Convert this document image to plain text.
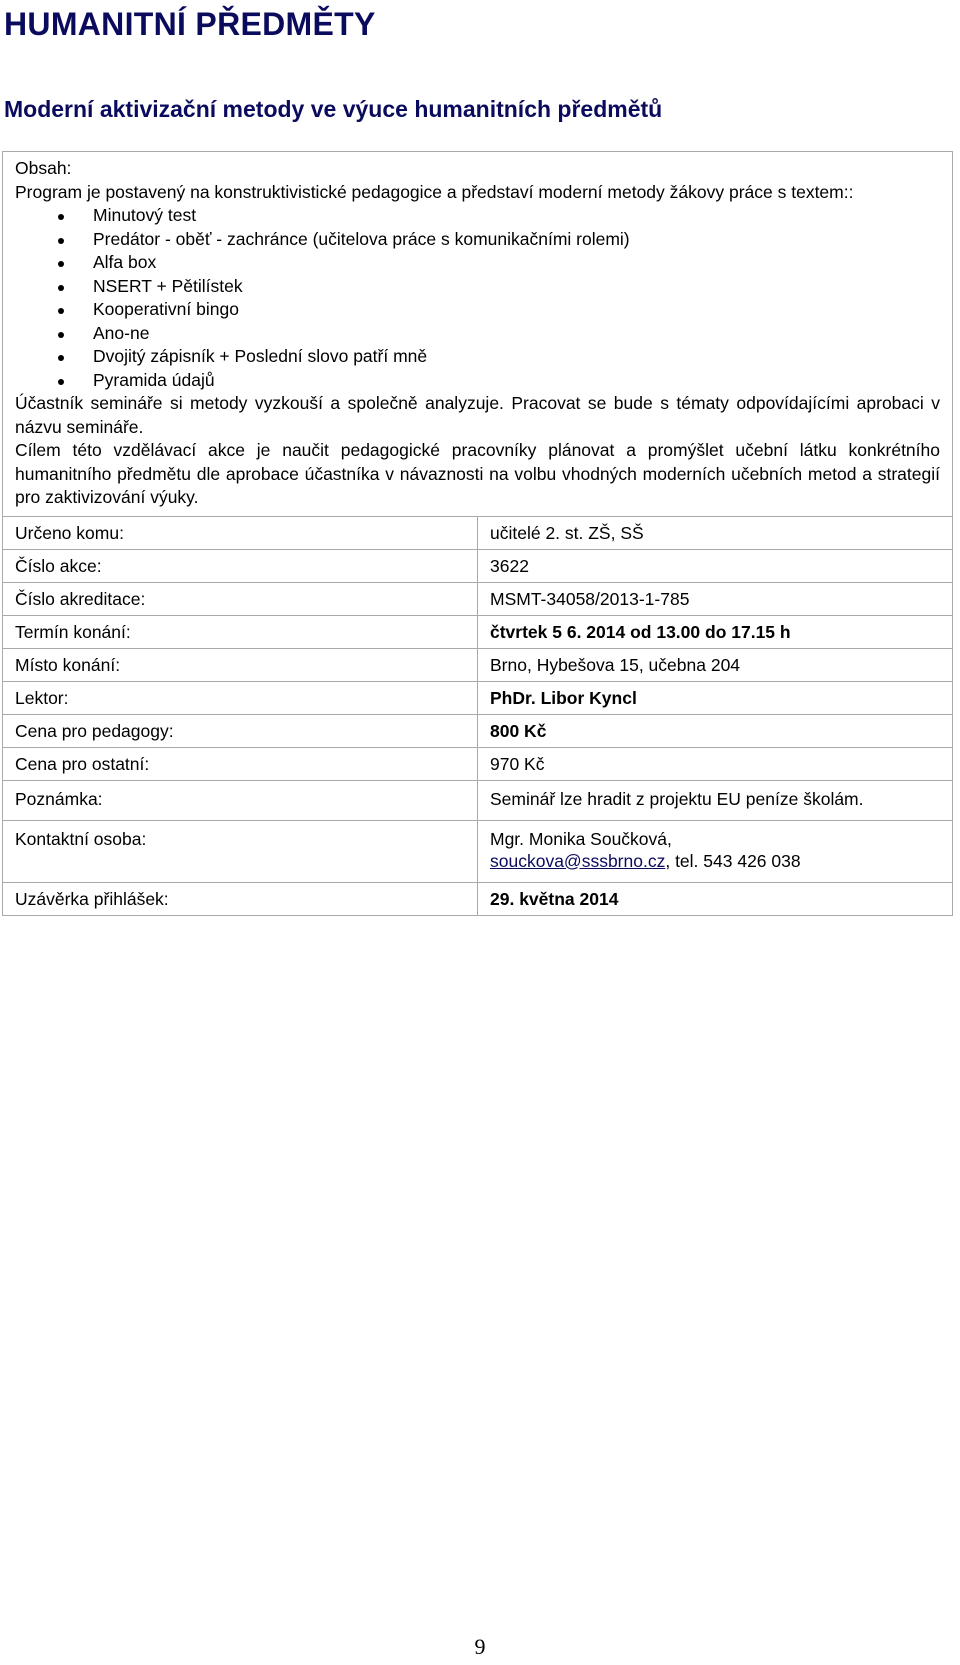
HUMANITNÍ PŘEDMĚTY
Moderní aktivizační metody ve výuce humanitních předmětů

Obsah:

Program je postavený na konstruktivistické pedagogice a představí moderní metody žákovy práce s textem::

Minutový test
Predátor - oběť - zachránce (učitelova práce s komunikačními rolemi)
Alfa box
NSERT + Pětilístek
Kooperativní bingo
Ano-ne
Dvojitý zápisník + Poslední slovo patří mně
Pyramida údajů

Účastník semináře si metody vyzkouší a společně analyzuje. Pracovat se bude s tématy odpovídajícími aprobaci v názvu semináře.

Cílem této vzdělávací akce je naučit pedagogické pracovníky plánovat a promýšlet učební látku konkrétního humanitního předmětu dle aprobace účastníka v návaznosti na volbu vhodných moderních učebních metod a strategií pro zaktivizování výuky.

Určeno komu:	učitelé 2. st. ZŠ, SŠ
Číslo akce:	3622
Číslo akreditace:	MSMT-34058/2013-1-785
Termín konání:	čtvrtek 5 6. 2014 od 13.00 do 17.15 h
Místo konání:	Brno, Hybešova 15, učebna 204
Lektor:	PhDr. Libor Kyncl
Cena pro pedagogy:	800 Kč
Cena pro ostatní:	970 Kč
Poznámka:	Seminář lze hradit z projektu EU peníze školám.
Kontaktní osoba:	Mgr. Monika Součková,
souckova@sssbrno.cz, tel. 543 426 038
Uzávěrka přihlášek:	29. května 2014
9
